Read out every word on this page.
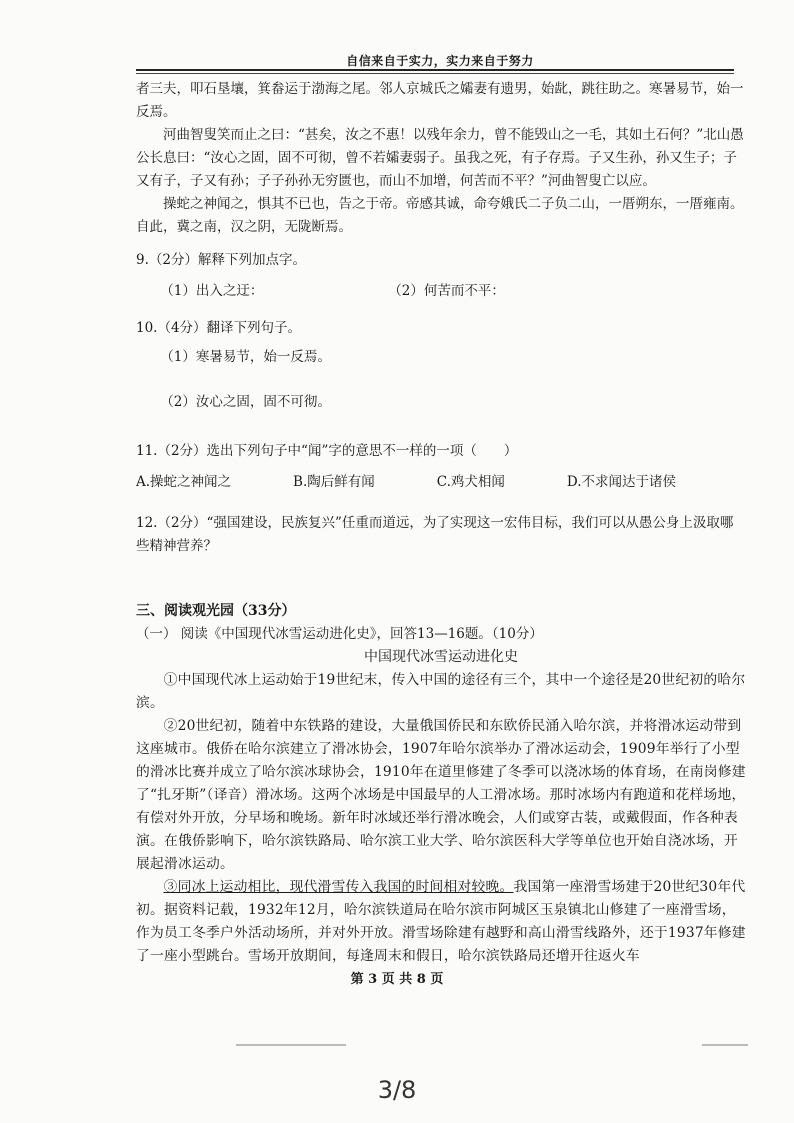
自信来自于实力，实力来自于努力

者三夫，叩石垦壤，箕畚运于渤海之尾。邻人京城氏之孀妻有遗男，始龀，跳往助之。寒暑易节，始一反焉。

河曲智叟笑而止之曰：“甚矣，汝之不惠！以残年余力，曾不能毁山之一毛，其如土石何？”北山愚公长息曰：“汝心之固，固不可彻，曾不若孀妻弱子。虽我之死，有子存焉。子又生孙，孙又生子；子又有子，子又有孙；子子孙孙无穷匮也，而山不加增，何苦而不平？”河曲智叟亡以应。

操蛇之神闻之，惧其不已也，告之于帝。帝感其诚，命夸娥氏二子负二山，一厝朔东，一厝雍南。自此，冀之南，汉之阴，无陇断焉。

9.（2分）解释下列加点字。
（1）出入之迂：	（2）何苦而不平：
10.（4分）翻译下列句子。
（1）寒暑易节，始一反焉。
（2）汝心之固，固不可彻。
11.（2分）选出下列句子中“闻”字的意思不一样的一项（　　）
A.操蛇之神闻之	B.陶后鲜有闻	C.鸡犬相闻	D.不求闻达于诸侯
12.（2分）“强国建设，民族复兴”任重而道远，为了实现这一宏伟目标，我们可以从愚公身上汲取哪些精神营养？
三、阅读观光园（33分）
（一） 阅读《中国现代冰雪运动进化史》，回答13—16题。（10分）
中国现代冰雪运动进化史

①中国现代冰上运动始于19世纪末，传入中国的途径有三个，其中一个途径是20世纪初的哈尔滨。

②20世纪初，随着中东铁路的建设，大量俄国侨民和东欧侨民涌入哈尔滨，并将滑冰运动带到这座城市。俄侨在哈尔滨建立了滑冰协会，1907年哈尔滨举办了滑冰运动会，1909年举行了小型的滑冰比赛并成立了哈尔滨冰球协会，1910年在道里修建了冬季可以浇冰场的体育场，在南岗修建了“扎牙斯”（译音）滑冰场。这两个冰场是中国最早的人工滑冰场。那时冰场内有跑道和花样场地，有偿对外开放，分早场和晚场。新年时冰域还举行滑冰晚会，人们或穿古装，或戴假面，作各种表演。在俄侨影响下，哈尔滨铁路局、哈尔滨工业大学、哈尔滨医科大学等单位也开始自浇冰场，开展起滑冰运动。

③同冰上运动相比，现代滑雪传入我国的时间相对较晚。我国第一座滑雪场建于20世纪30年代初。据资料记载，1932年12月，哈尔滨铁道局在哈尔滨市阿城区玉泉镇北山修建了一座滑雪场，作为员工冬季户外活动场所，并对外开放。滑雪场除建有越野和高山滑雪线路外，还于1937年修建了一座小型跳台。雪场开放期间，每逢周末和假日，哈尔滨铁路局还增开往返火车

第 3 页 共 8 页
3/8
